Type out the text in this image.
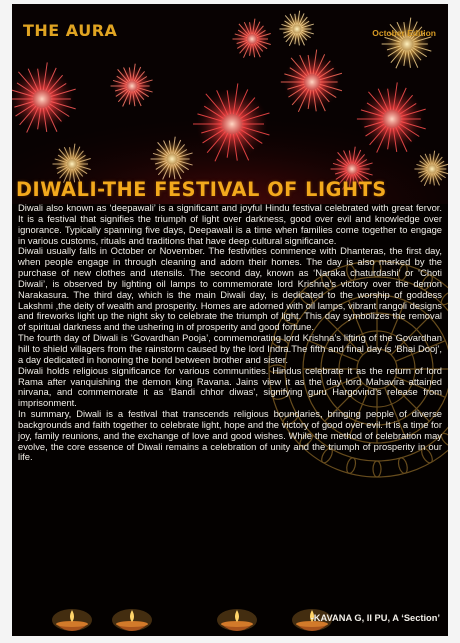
THE AURA	October Edition
DIWALI-THE FESTIVAL OF LIGHTS

Diwali also known as ‘deepawali’ is a significant and joyful Hindu festival celebrated with great fervor. It is a festival that signifies the triumph of light over darkness, good over evil and knowledge over ignorance. Typically spanning five days, Deepawali is a time when families come together to engage in various customs, rituals and traditions that have deep cultural significance.

Diwali usually falls in October or November. The festivities commence with Dhanteras, the first day, when people engage in through cleaning and adorn their homes. The day is also marked by the purchase of new clothes and utensils. The second day, known as ‘Naraka chaturdashi’ or ‘Choti Diwali’, is observed by lighting oil lamps to commemorate lord Krishna’s victory over the demon Narakasura. The third day, which is the main Diwali day, is dedicated to the worship of goddess Lakshmi ,the deity of wealth and prosperity. Homes are adorned with oil lamps, vibrant rangoli designs and fireworks light up the night sky to celebrate the triumph of light. This day symbolizes the removal of spiritual darkness and the ushering in of prosperity and good fortune.

The fourth day of Diwali is ‘Govardhan Pooja’, commemorating lord Krishna’s lifting of the Govardhan hill to shield villagers from the rainstorm caused by the lord Indra.The fifth and final day is ‘Bhai Dooj’, a day dedicated in honoring the bond between brother and sister.

Diwali holds religious significance for various communities. Hindus celebrate it as the return of lord Rama after vanquishing the demon king Ravana. Jains view it as the day lord Mahavira attained nirvana, and commemorate it as ‘Bandi chhor diwas’, signifying guru Hargovind’s release from imprisonment.

In summary, Diwali is a festival that transcends religious boundaries, bringing people of diverse backgrounds and faith together to celebrate light, hope and the victory of good over evil. It is a time for joy, family reunions, and the exchange of love and good wishes. While the method of celebration may evolve, the core essence of Diwali remains a celebration of unity and the triumph of prosperity in our life.

-KAVANA G, II PU, A ‘Section’
